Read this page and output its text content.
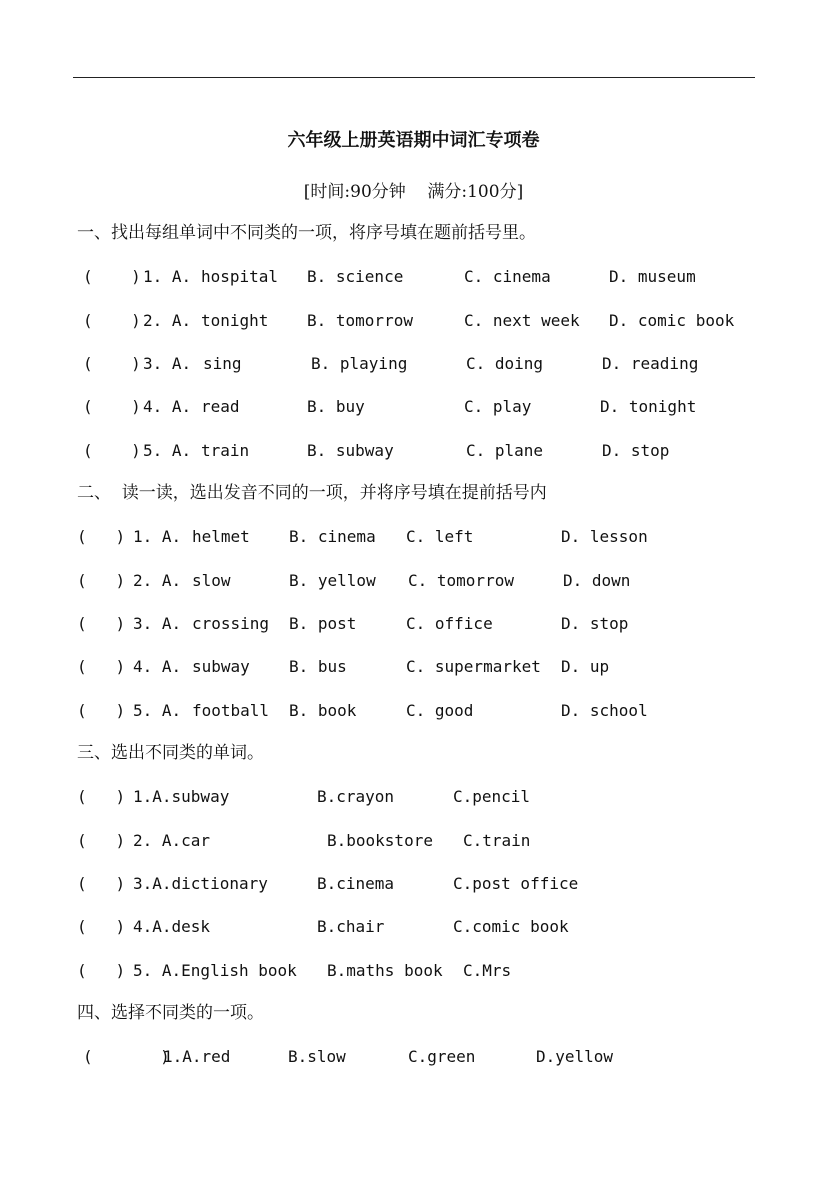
六年级上册英语期中词汇专项卷
[时间:90分钟    满分:100分]
一、找出每组单词中不同类的一项，将序号填在题前括号里。

(    )

1. A.

hospital

B. science

	C. cinema

	D. museum

(    )

2. A.

tonight

B. tomorrow

	C. next week

D. comic book

(    )

3. A.

sing

	B. playing

	C. doing

	D. reading

(    )

4. A.

read

	B. buy

	C. play

	D. tonight

(    )

5. A.

train

	B. subway

	C. plane

	D. stop

二、  读一读，选出发音不同的一项，并将序号填在提前括号内

(   )

1. A.

helmet

B. cinema

C. left

	D. lesson

(   )

2. A.

slow

	B. yellow

C. tomorrow

	D. down

(   )

3. A.

crossing

B. post

	C. office

	D. stop

(   )

4. A.

subway

B. bus

	C. supermarket

D. up

(   )

5. A.

football

B. book

	C. good

	D. school

三、选出不同类的单词。

(   )

1.A.subway

	B.crayon

	C.pencil

(   )

2. A.car

	B.bookstore

C.train

(   )

3.A.dictionary

	B.cinema

	C.post office

(   )

4.A.desk

	B.chair

	C.comic book

(   )

5. A.English book

B.maths book

C.Mrs

四、选择不同类的一项。

(       )

1.A.red

	B.slow

	C.green

	D.yellow
